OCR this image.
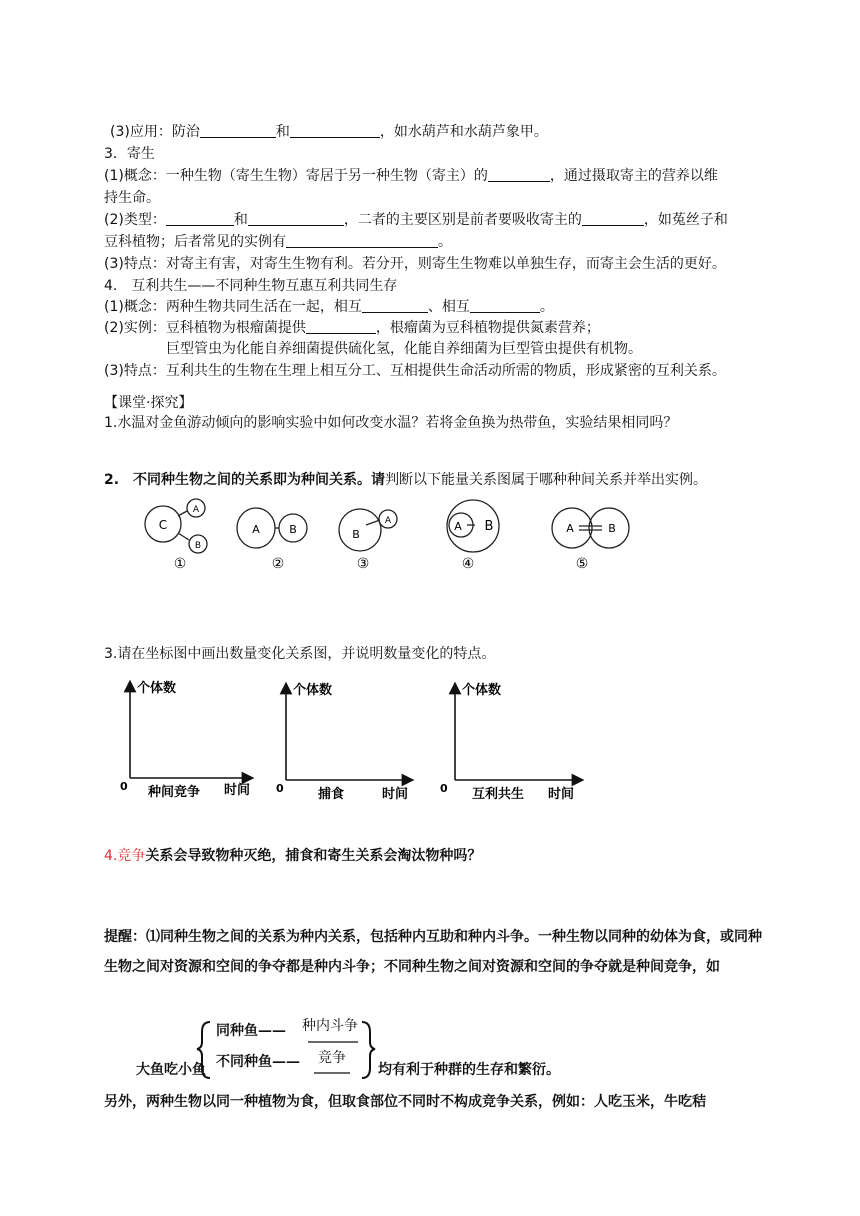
(3)应用：防治	和	，如水葫芦和水葫芦象甲。
3．寄生
(1)概念：一种生物（寄生生物）寄居于另一种生物（寄主）的	，通过摄取寄主的营养以维
持生命。
(2)类型：	和	，二者的主要区别是前者要吸收寄主的	，如菟丝子和
豆科植物；后者常见的实例有	。
(3)特点：对寄主有害，对寄生生物有利。若分开，则寄生生物难以单独生存，而寄主会生活的更好。
4.　互利共生——不同种生物互惠互利共同生存
(1)概念：两种生物共同生活在一起，相互	、相互	。
(2)实例：豆科植物为根瘤菌提供	，根瘤菌为豆科植物提供氮素营养；
巨型管虫为化能自养细菌提供硫化氢，化能自养细菌为巨型管虫提供有机物。
(3)特点：互利共生的生物在生理上相互分工、互相提供生命活动所需的物质，形成紧密的互利关系。
【课堂·探究】
1.水温对金鱼游动倾向的影响实验中如何改变水温？若将金鱼换为热带鱼，实验结果相同吗？
2.　不同种生物之间的关系即为种间关系。请判断以下能量关系图属于哪种种间关系并举出实例。
C
A
B
A	B	B
A	A B	A	B
①	②	③	④	⑤
3.请在坐标图中画出数量变化关系图，并说明数量变化的特点。
个体数
0 种间竞争 时间
个体数
0	捕食	时间
个体数
0 互利共生 时间
4.竞争关系会导致物种灭绝，捕食和寄生关系会淘汰物种吗？
提醒：⑴同种生物之间的关系为种内关系，包括种内互助和种内斗争。一种生物以同种的幼体为食，或同种生物之间对资源和空间的争夺都是种内斗争；不同种生物之间对资源和空间的争夺就是种间竞争，如
大鱼吃小鱼
同种鱼—— 种内斗争
不同种鱼—— 竞争
均有利于种群的生存和繁衍。
另外，两种生物以同一种植物为食，但取食部位不同时不构成竞争关系，例如：人吃玉米，牛吃秸
